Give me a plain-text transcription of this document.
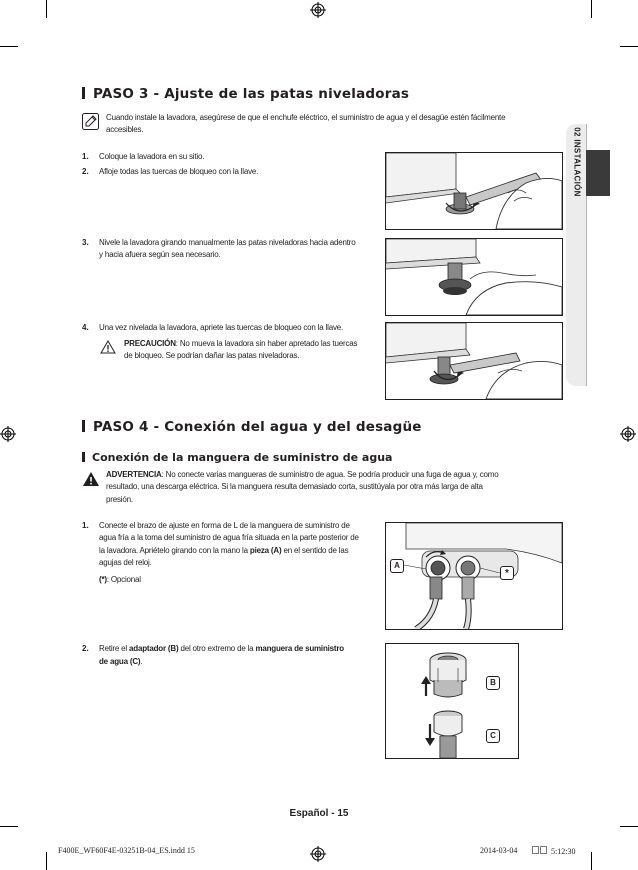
02 INSTALACIÓN
PASO 3 - Ajuste de las patas niveladoras
Cuando instale la lavadora, asegúrese de que el enchufe eléctrico, el suministro de agua y el desagüe estén fácilmente
accesibles.
1. Coloque la lavadora en su sitio.
2. Afloje todas las tuercas de bloqueo con la llave.
3. Nivele la lavadora girando manualmente las patas niveladoras hacia adentro
y hacia afuera según sea necesario.
4. Una vez nivelada la lavadora, apriete las tuercas de bloqueo con la llave.
PRECAUCIÓN: No mueva la lavadora sin haber apretado las tuercas
de bloqueo. Se podrían dañar las patas niveladoras.
PASO 4 - Conexión del agua y del desagüe
Conexión de la manguera de suministro de agua
ADVERTENCIA: No conecte varias mangueras de suministro de agua. Se podría producir una fuga de agua y, como
resultado, una descarga eléctrica. Si la manguera resulta demasiado corta, sustitúyala por otra más larga de alta
presión.
1. Conecte el brazo de ajuste en forma de L de la manguera de suministro de
agua fría a la toma del suministro de agua fría situada en la parte posterior de
la lavadora. Apriételo girando con la mano la pieza (A) en el sentido de las
agujas del reloj.
(*): Opcional
A
*
2. Retire el adaptador (B) del otro extremo de la manguera de suministro
de agua (C).
B
C
Español - 15
F400E_WF60F4E-03251B-04_ES.indd 15	2014-03-04	5:12:30
